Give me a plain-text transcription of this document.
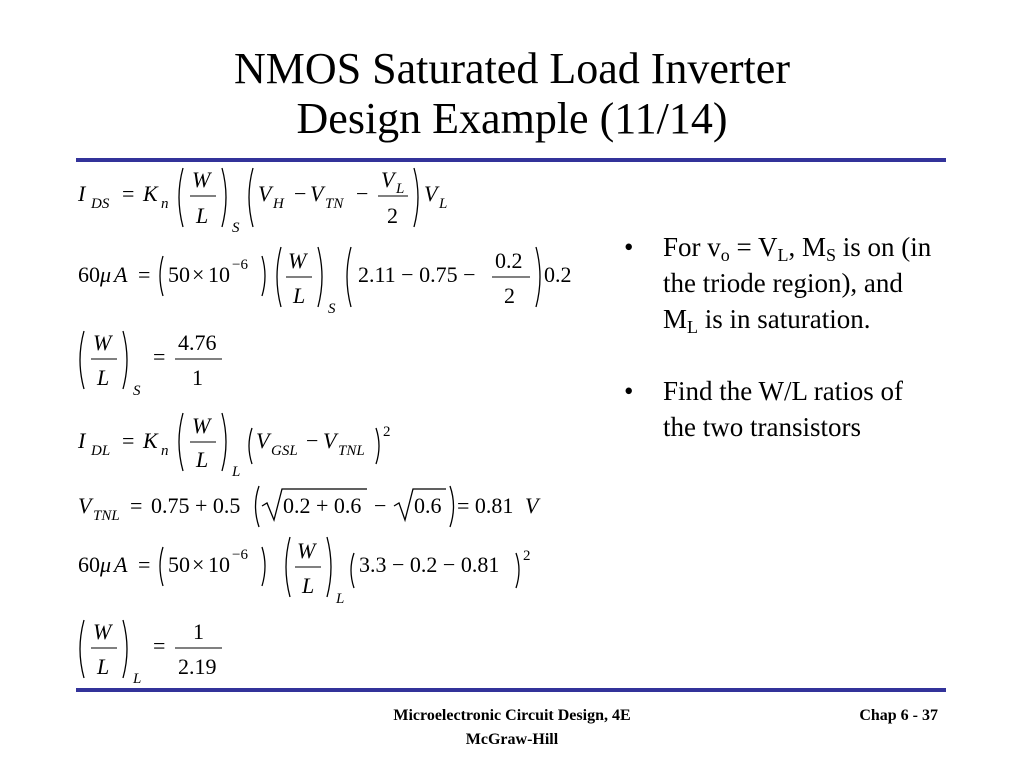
NMOS Saturated Load Inverter
Design Example (11/14)
I DS = K n
W
L S
V H − V TN −
V L
2
V L
60 μ A = 50 × 10 −6 W
L
S
2.11 − 0.75 −
0.2
2
0.2
W
L
S
=
4.76
1
I DL = K n
W
L L
V GSL − V TNL
2
V TNL = 0.75 + 0.5 0.2 + 0.6 − 0.6 = 0.81 V
60 μ A = 50 × 10 −6 W
L
L
3.3 − 0.2 − 0.81 2
W
L L
=
1
2.19
• For $v_o = V_L$, $M_S$ is on (in the triode region), and $M_L$ is in saturation.
• Find the W/L ratios of the two transistors
Microelectronic Circuit Design, 4E
McGraw-Hill
Chap 6 - 37
